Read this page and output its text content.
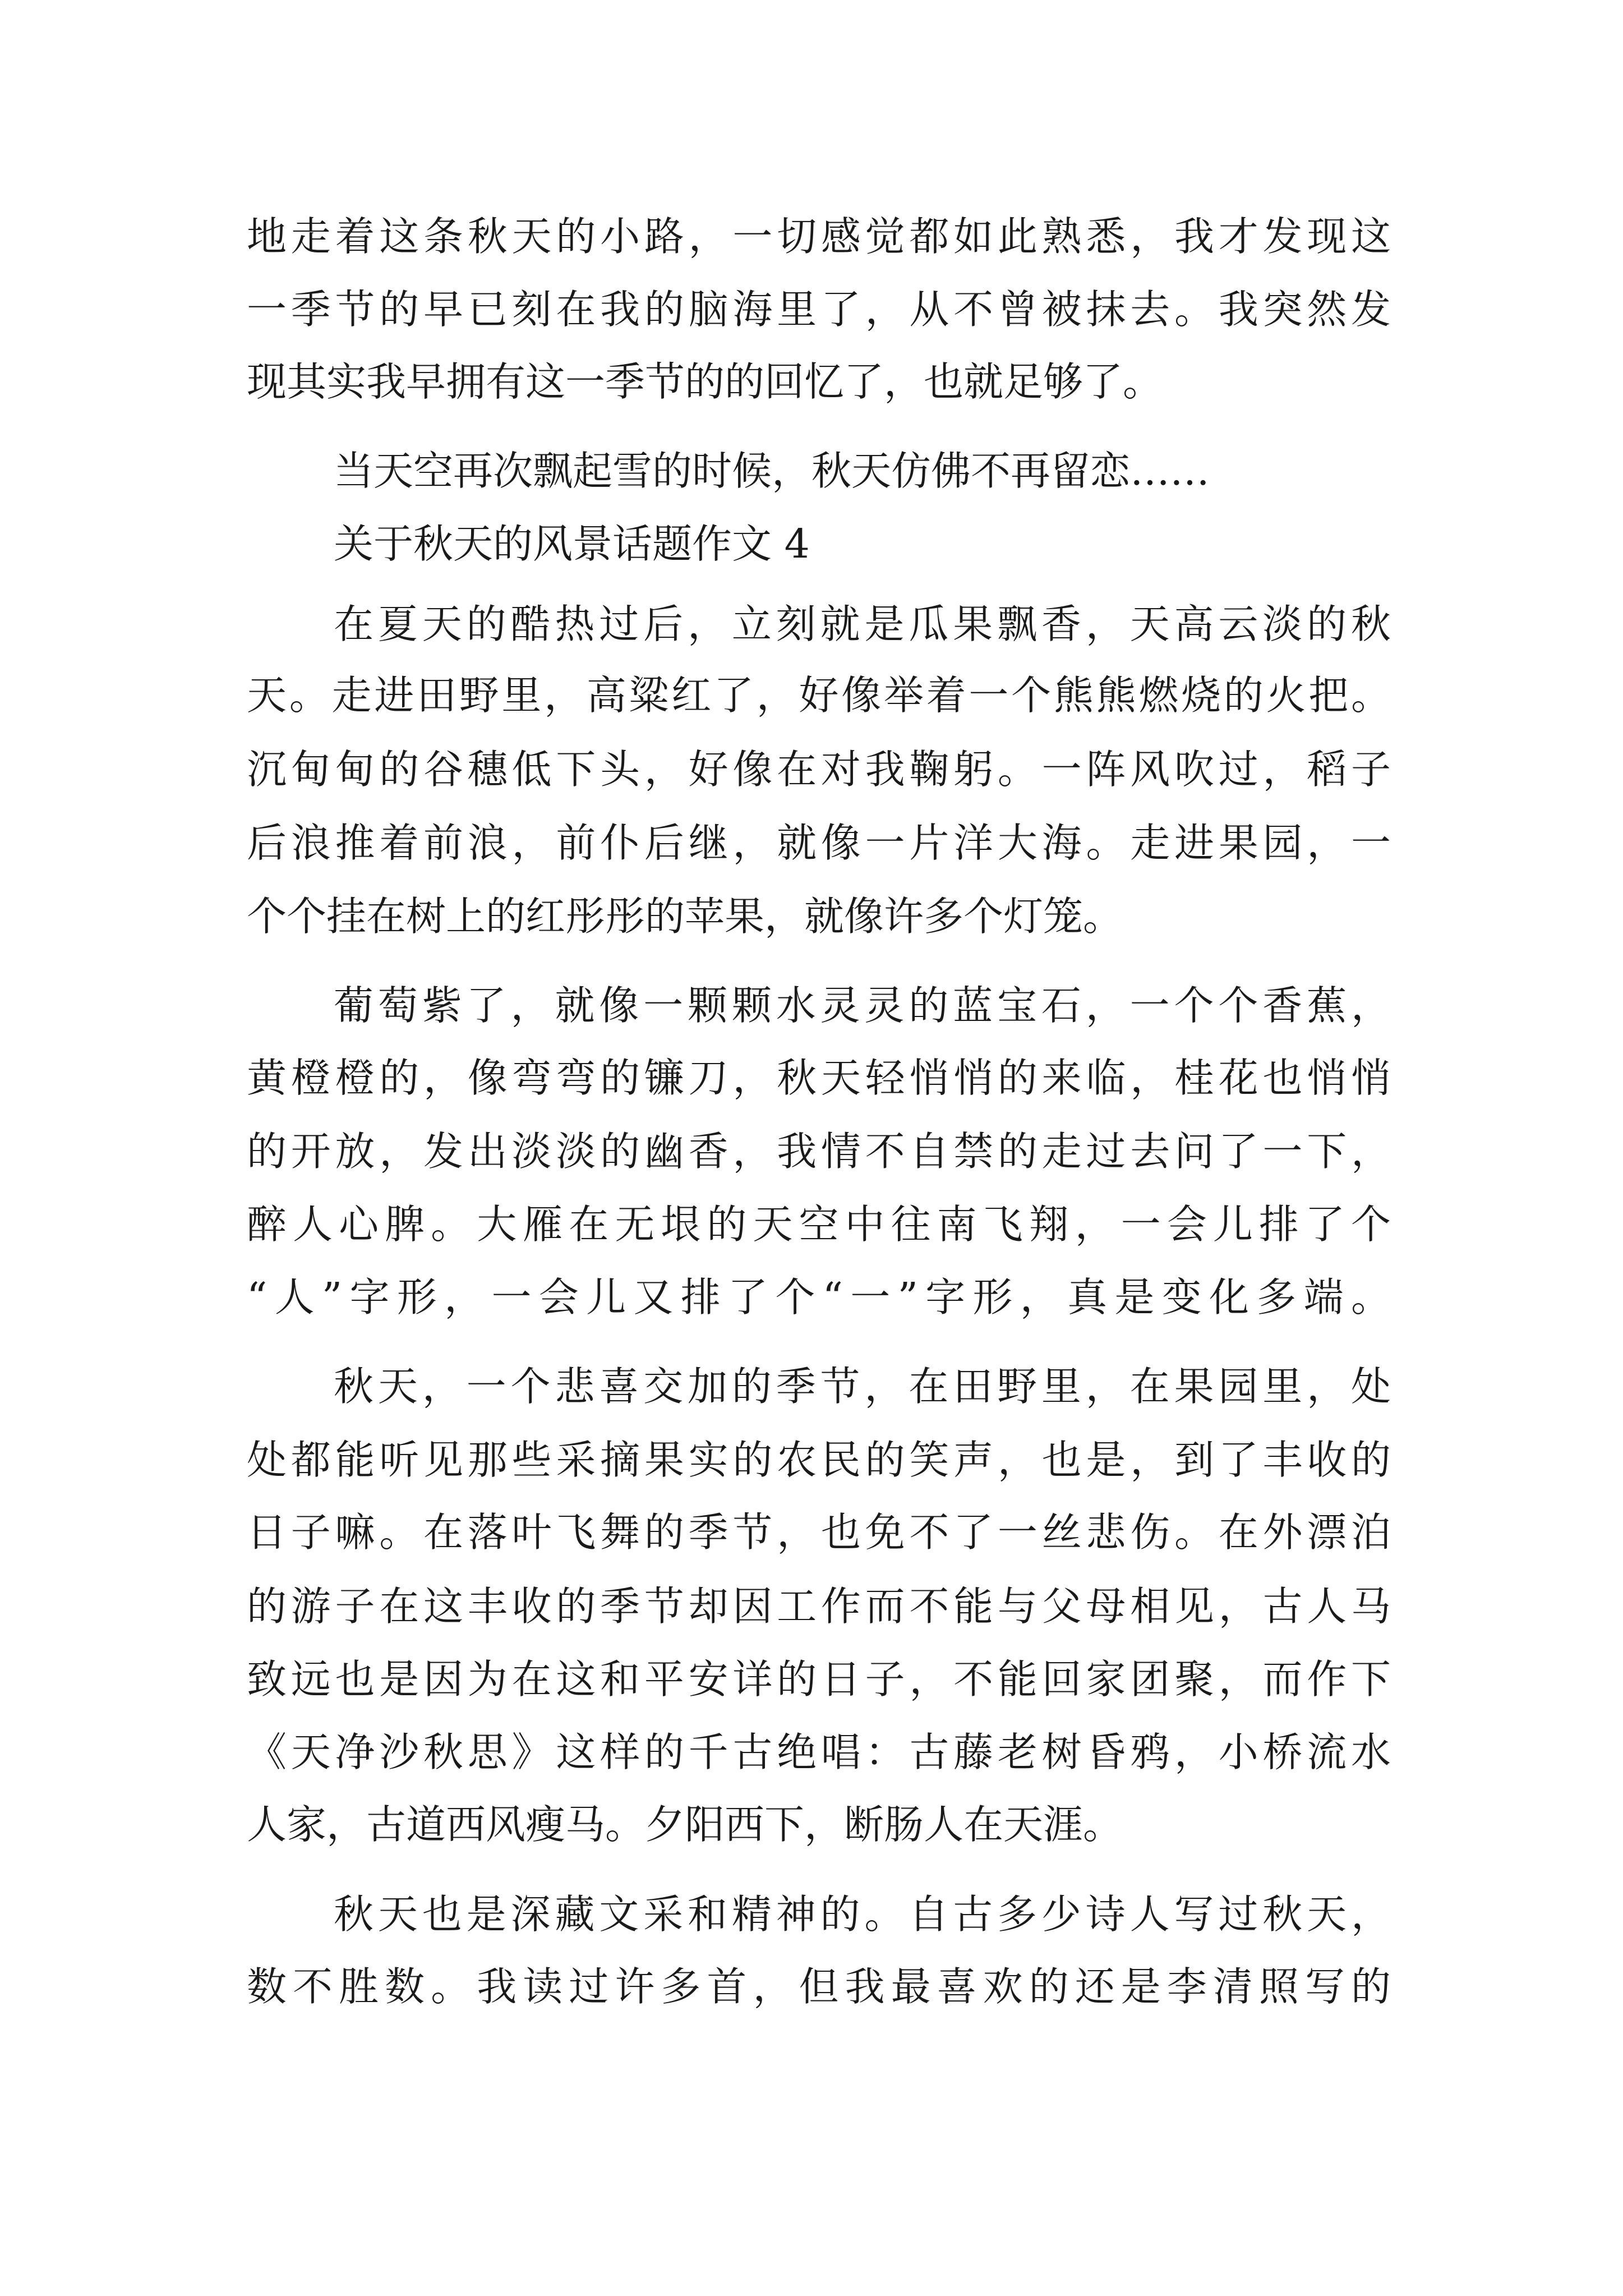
地走着这条秋天的小路，一切感觉都如此熟悉，我才发现这
一季节的早已刻在我的脑海里了，从不曾被抹去。我突然发
现其实我早拥有这一季节的的回忆了，也就足够了。
当天空再次飘起雪的时候，秋天仿佛不再留恋……
关于秋天的风景话题作文 4
在夏天的酷热过后，立刻就是瓜果飘香，天高云淡的秋
天。走进田野里，高粱红了，好像举着一个熊熊燃烧的火把。
沉甸甸的谷穗低下头，好像在对我鞠躬。一阵风吹过，稻子
后浪推着前浪，前仆后继，就像一片洋大海。走进果园，一
个个挂在树上的红彤彤的苹果，就像许多个灯笼。
葡萄紫了，就像一颗颗水灵灵的蓝宝石，一个个香蕉，
黄橙橙的，像弯弯的镰刀，秋天轻悄悄的来临，桂花也悄悄
的开放，发出淡淡的幽香，我情不自禁的走过去问了一下，
醉人心脾。大雁在无垠的天空中往南飞翔，一会儿排了个
“人”字形，一会儿又排了个“一”字形，真是变化多端。
秋天，一个悲喜交加的季节，在田野里，在果园里，处
处都能听见那些采摘果实的农民的笑声，也是，到了丰收的
日子嘛。在落叶飞舞的季节，也免不了一丝悲伤。在外漂泊
的游子在这丰收的季节却因工作而不能与父母相见，古人马
致远也是因为在这和平安详的日子，不能回家团聚，而作下
《天净沙秋思》这样的千古绝唱：古藤老树昏鸦，小桥流水
人家，古道西风瘦马。夕阳西下，断肠人在天涯。
秋天也是深藏文采和精神的。自古多少诗人写过秋天，
数不胜数。我读过许多首，但我最喜欢的还是李清照写的
